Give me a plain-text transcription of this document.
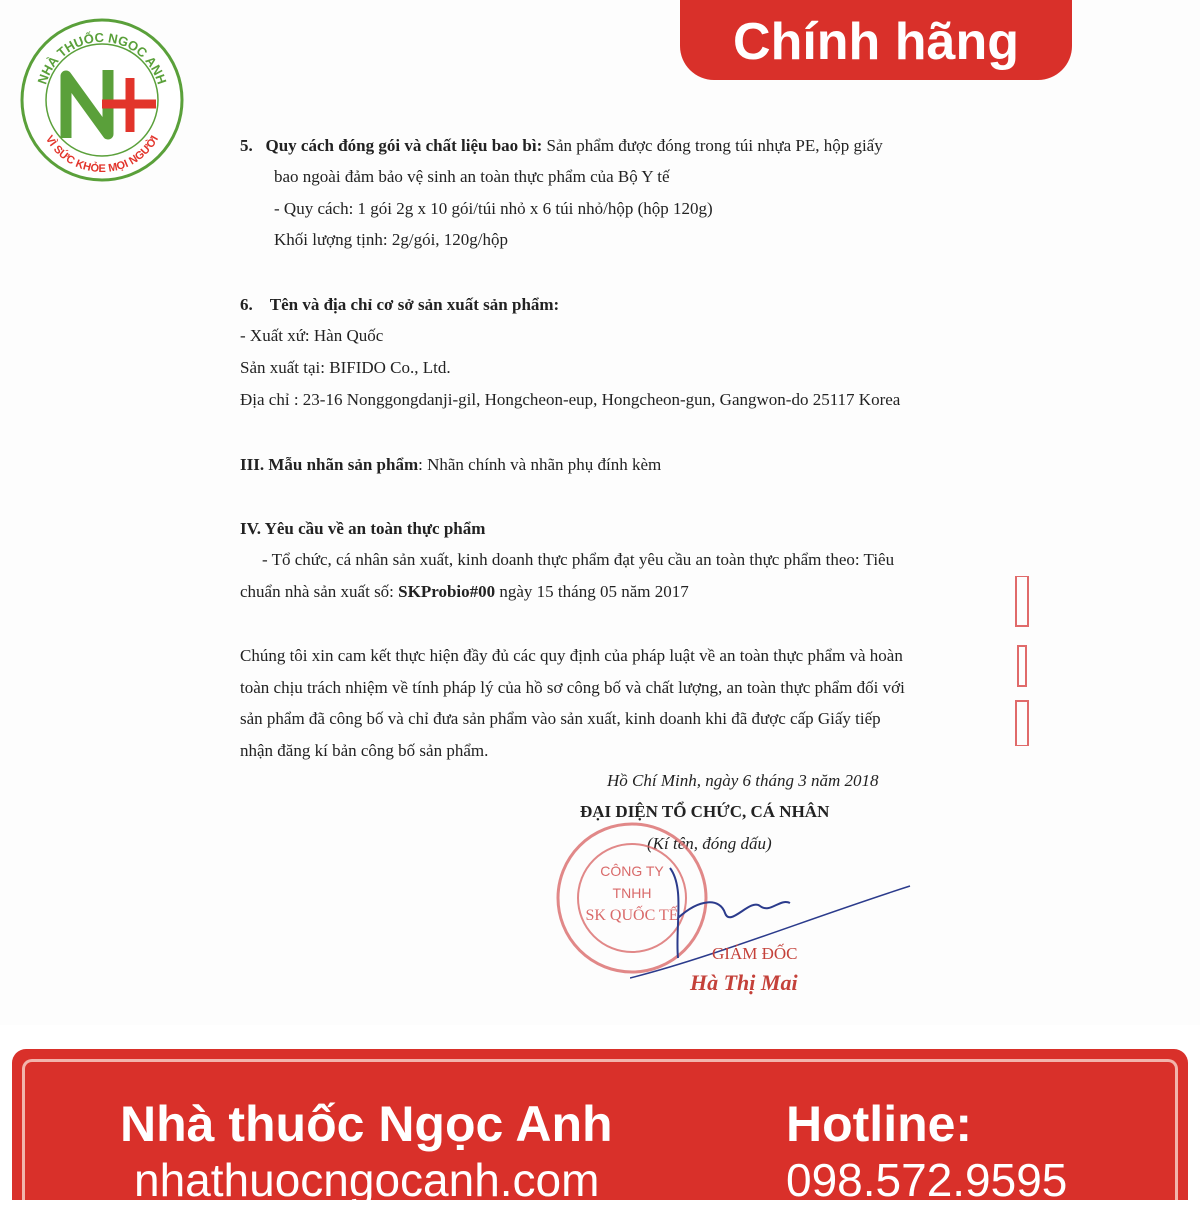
NHÀ THUỐC NGỌC ANH
VÌ SỨC KHỎE MỌI NGƯỜI
Chính hãng
5. Quy cách đóng gói và chất liệu bao bì: Sản phẩm được đóng trong túi nhựa PE, hộp giấy
bao ngoài đảm bảo vệ sinh an toàn thực phẩm của Bộ Y tế
- Quy cách: 1 gói 2g x 10 gói/túi nhỏ x 6 túi nhỏ/hộp (hộp 120g)
Khối lượng tịnh: 2g/gói, 120g/hộp
6. Tên và địa chỉ cơ sở sản xuất sản phẩm:
- Xuất xứ: Hàn Quốc
Sản xuất tại: BIFIDO Co., Ltd.
Địa chỉ : 23-16 Nonggongdanji-gil, Hongcheon-eup, Hongcheon-gun, Gangwon-do 25117 Korea
III. Mẫu nhãn sản phẩm: Nhãn chính và nhãn phụ đính kèm
IV. Yêu cầu về an toàn thực phẩm
- Tổ chức, cá nhân sản xuất, kinh doanh thực phẩm đạt yêu cầu an toàn thực phẩm theo: Tiêu
chuẩn nhà sản xuất số: SKProbio#00 ngày 15 tháng 05 năm 2017
Chúng tôi xin cam kết thực hiện đầy đủ các quy định của pháp luật về an toàn thực phẩm và hoàn
toàn chịu trách nhiệm về tính pháp lý của hồ sơ công bố và chất lượng, an toàn thực phẩm đối với
sản phẩm đã công bố và chỉ đưa sản phẩm vào sản xuất, kinh doanh khi đã được cấp Giấy tiếp
nhận đăng kí bản công bố sản phẩm.
Hồ Chí Minh, ngày 6 tháng 3 năm 2018
ĐẠI DIỆN TỔ CHỨC, CÁ NHÂN
(Kí tên, đóng dấu)
CÔNG TY
TNHH
SK QUỐC TẾ
GIÁM ĐỐC
Hà Thị Mai
Nhà thuốc Ngọc Anh
nhathuocngocanh.com
Hotline:
098.572.9595
